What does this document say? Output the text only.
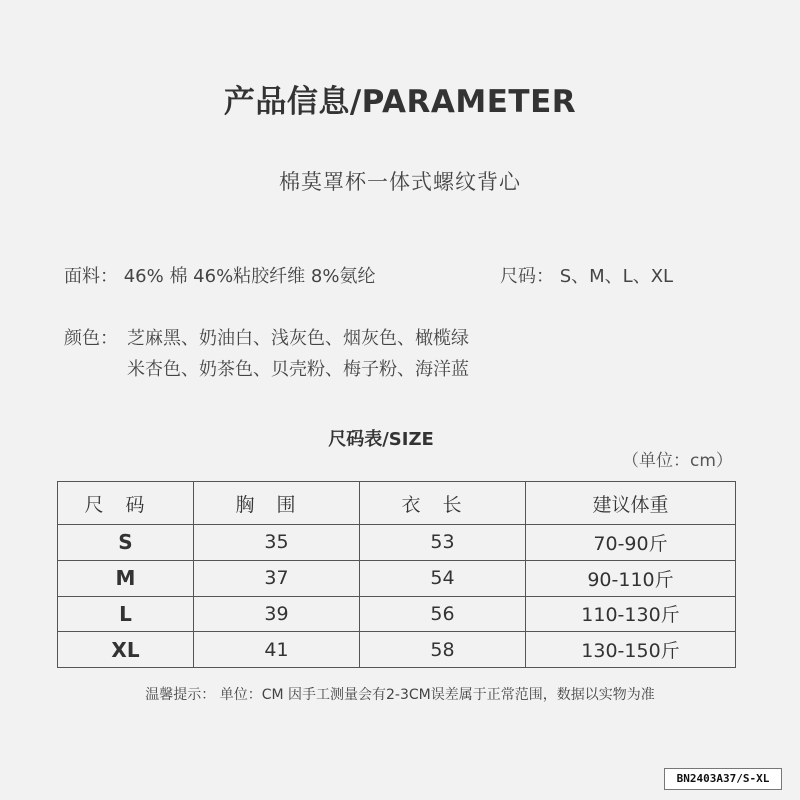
产品信息/PARAMETER
棉莫罩杯一体式螺纹背心
面料： 46% 棉 46%粘胶纤维 8%氨纶	尺码： S、M、L、XL
颜色： 芝麻黑、奶油白、浅灰色、烟灰色、橄榄绿
米杏色、奶茶色、贝壳粉、梅子粉、海洋蓝
尺码表/SIZE
（单位：cm）
尺码	胸围	衣长	建议体重
S	35	53	70-90斤
M	37	54	90-110斤
L	39	56	110-130斤
XL	41	58	130-150斤
温馨提示： 单位：CM 因手工测量会有2-3CM误差属于正常范围，数据以实物为准
BN2403A37/S-XL
